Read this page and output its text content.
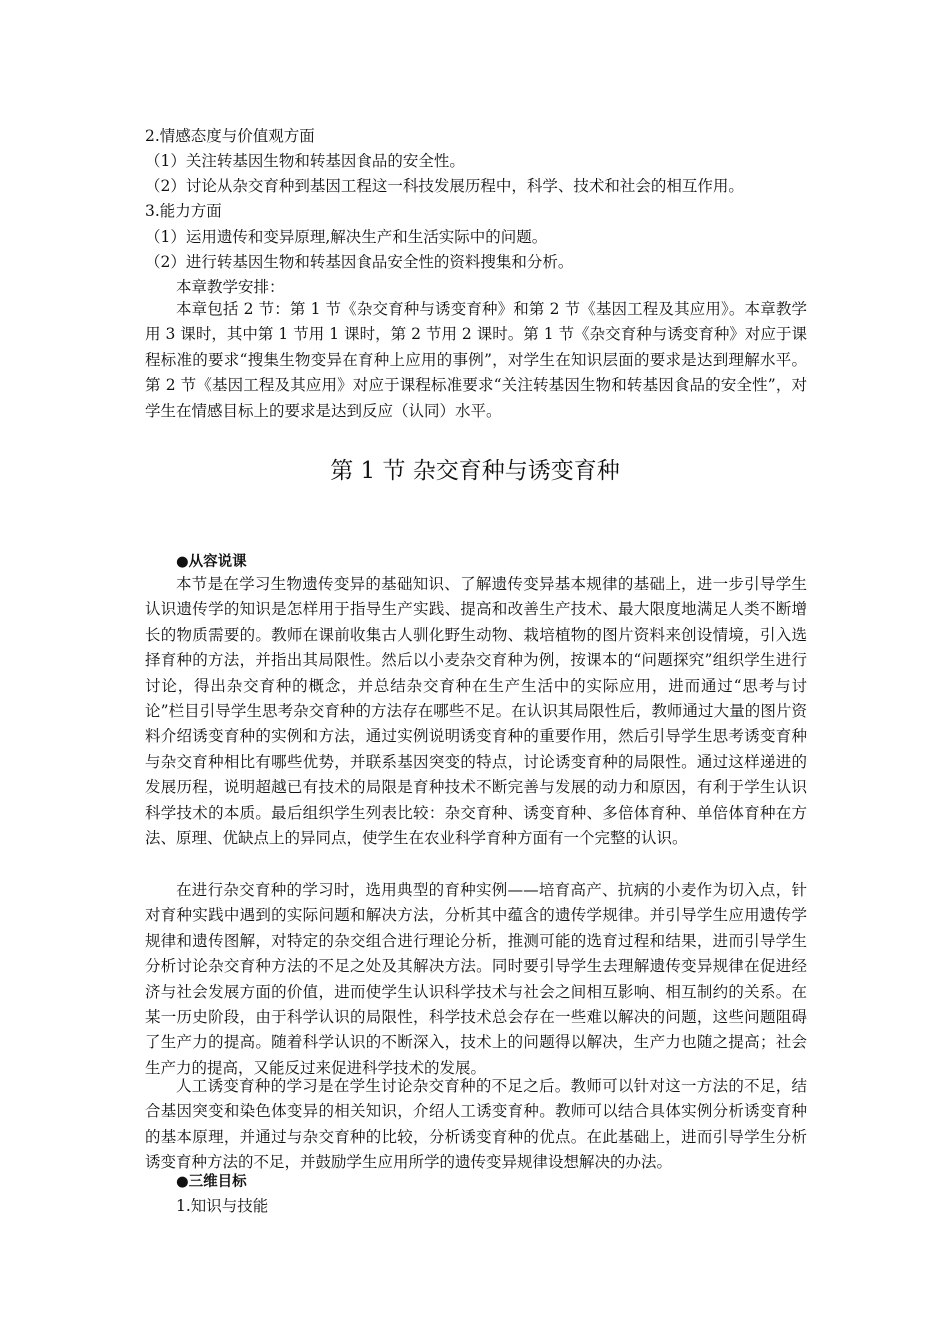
2.情感态度与价值观方面
（1）关注转基因生物和转基因食品的安全性。
（2）讨论从杂交育种到基因工程这一科技发展历程中，科学、技术和社会的相互作用。
3.能力方面
（1）运用遗传和变异原理,解决生产和生活实际中的问题。
（2）进行转基因生物和转基因食品安全性的资料搜集和分析。
本章教学安排：
本章包括 2 节：第 1 节《杂交育种与诱变育种》和第 2 节《基因工程及其应用》。本章教学用 3 课时，其中第 1 节用 1 课时，第 2 节用 2 课时。第 1 节《杂交育种与诱变育种》对应于课程标准的要求“搜集生物变异在育种上应用的事例”，对学生在知识层面的要求是达到理解水平。第 2 节《基因工程及其应用》对应于课程标准要求“关注转基因生物和转基因食品的安全性”，对学生在情感目标上的要求是达到反应（认同）水平。
第 1 节 杂交育种与诱变育种
●从容说课
本节是在学习生物遗传变异的基础知识、了解遗传变异基本规律的基础上，进一步引导学生认识遗传学的知识是怎样用于指导生产实践、提高和改善生产技术、最大限度地满足人类不断增长的物质需要的。教师在课前收集古人驯化野生动物、栽培植物的图片资料来创设情境，引入选择育种的方法，并指出其局限性。然后以小麦杂交育种为例，按课本的“问题探究”组织学生进行讨论，得出杂交育种的概念，并总结杂交育种在生产生活中的实际应用，进而通过“思考与讨论”栏目引导学生思考杂交育种的方法存在哪些不足。在认识其局限性后，教师通过大量的图片资料介绍诱变育种的实例和方法，通过实例说明诱变育种的重要作用，然后引导学生思考诱变育种与杂交育种相比有哪些优势，并联系基因突变的特点，讨论诱变育种的局限性。通过这样递进的发展历程，说明超越已有技术的局限是育种技术不断完善与发展的动力和原因，有利于学生认识科学技术的本质。最后组织学生列表比较：杂交育种、诱变育种、多倍体育种、单倍体育种在方法、原理、优缺点上的异同点，使学生在农业科学育种方面有一个完整的认识。
在进行杂交育种的学习时，选用典型的育种实例——培育高产、抗病的小麦作为切入点，针对育种实践中遇到的实际问题和解决方法，分析其中蕴含的遗传学规律。并引导学生应用遗传学规律和遗传图解，对特定的杂交组合进行理论分析，推测可能的选育过程和结果，进而引导学生分析讨论杂交育种方法的不足之处及其解决方法。同时要引导学生去理解遗传变异规律在促进经济与社会发展方面的价值，进而使学生认识科学技术与社会之间相互影响、相互制约的关系。在某一历史阶段，由于科学认识的局限性，科学技术总会存在一些难以解决的问题，这些问题阻碍了生产力的提高。随着科学认识的不断深入，技术上的问题得以解决，生产力也随之提高；社会生产力的提高，又能反过来促进科学技术的发展。
人工诱变育种的学习是在学生讨论杂交育种的不足之后。教师可以针对这一方法的不足，结合基因突变和染色体变异的相关知识，介绍人工诱变育种。教师可以结合具体实例分析诱变育种的基本原理，并通过与杂交育种的比较，分析诱变育种的优点。在此基础上，进而引导学生分析诱变育种方法的不足，并鼓励学生应用所学的遗传变异规律设想解决的办法。
●三维目标
1.知识与技能
